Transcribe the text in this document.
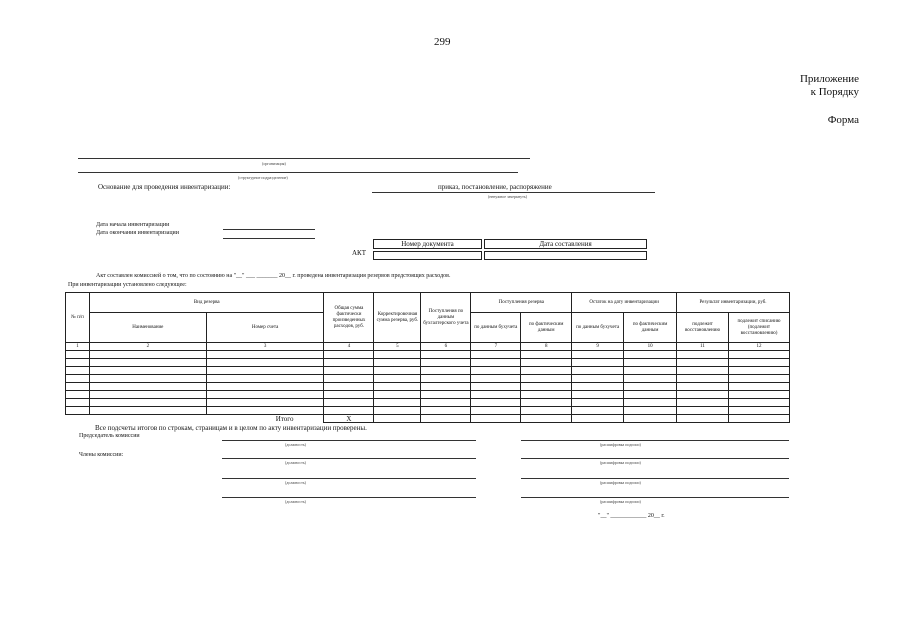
299
Приложение
к Порядку
Форма
(организация)
(структурное подразделение)
Основание для проведения инвентаризации:	приказ, постановление, распоряжение
(ненужное зачеркнуть)
Дата начала инвентаризации
Дата окончания инвентаризации
АКТ
Номер документа	Дата составления

Акт составлен комиссией о том, что по состоянию на "__" ___ _______ 20__ г. проведена инвентаризация резервов предстоящих расходов.
При инвентаризации установлено следующее:
№ п/п	Вид резерва		Общая сумма фактически произведенных расходов, руб.	Корректировочная сумма резерва, руб.	Поступления по данным бухгалтерского учета	Поступления резерва		Остаток на дату инвентаризации		Результат инвентаризации, руб.	
	Наименование	Номер счета				по данным бухучета	по фактическим данным	по данным бухучета	по фактическим данным	подлежит восстановлению	подлежит списанию (подлежит восстановлению)
1	2	3	4	5	6	7	8	9	10	11	12

		Итого	X								
Все подсчеты итогов по строкам, страницам и в целом по акту инвентаризации проверены.
Председатель комиссии
Члены комиссии:
(должность)
(должность)
(должность)
(должность)
(расшифровка подписи)
(расшифровка подписи)
(расшифровка подписи)
(расшифровка подписи)
"__" ____________ 20__ г.
